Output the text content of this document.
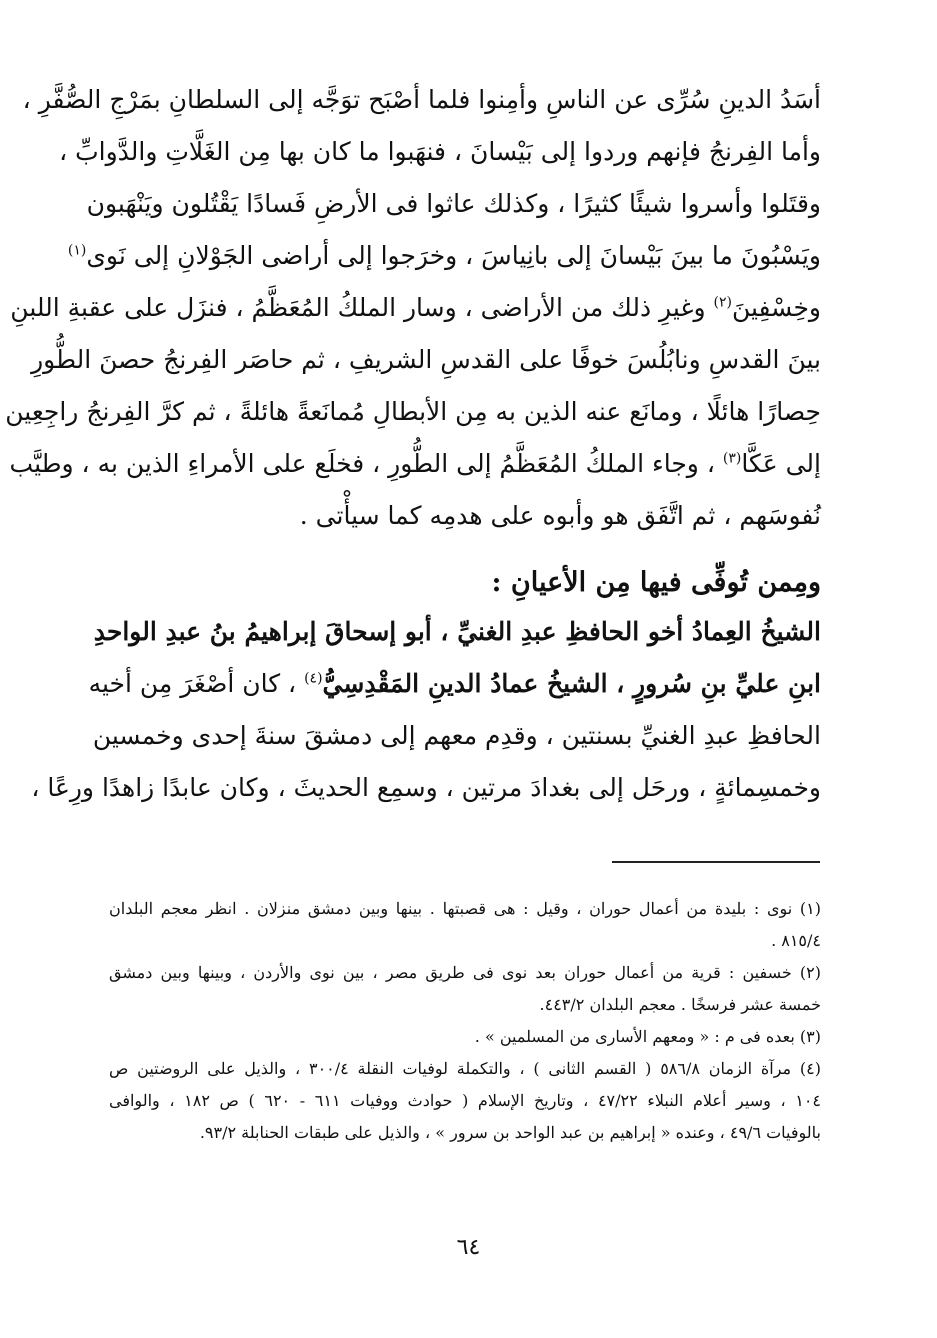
أسَدُ الدينِ سُرِّى عن الناسِ وأمِنوا فلما أصْبَح توَجَّه إلى السلطانِ بمَرْجِ الصُّفَّرِ ،
وأما الفِرنجُ فإنهم وردوا إلى بَيْسانَ ، فنهَبوا ما كان بها مِن الغَلَّاتِ والدَّوابِّ ،
وقتَلوا وأسروا شيئًا كثيرًا ، وكذلك عاثوا فى الأرضِ فَسادًا يَقْتُلون ويَنْهَبون
ويَسْبُونَ ما بينَ بَيْسانَ إلى بانِياسَ ، وخرَجوا إلى أراضى الجَوْلانِ إلى نَوى$^{(١)}$
وخِسْفِينَ$^{(٢)}$ وغيرِ ذلك من الأراضى ، وسار الملكُ المُعَظَّمُ ، فنزَل على عقبةِ اللبنِ
بينَ القدسِ ونابُلُسَ خوفًا على القدسِ الشريفِ ، ثم حاصَر الفِرنجُ حصنَ الطُّورِ
حِصارًا هائلًا ، ومانَع عنه الذين به مِن الأبطالِ مُمانَعةً هائلةً ، ثم كرَّ الفِرنجُ راجِعِين
إلى عَكَّا$^{(٣)}$ ، وجاء الملكُ المُعَظَّمُ إلى الطُّورِ ، فخلَع على الأمراءِ الذين به ، وطيَّب
نُفوسَهم ، ثم اتَّفَق هو وأبوه على هدمِه كما سيأْتى .
ومِمن تُوفِّى فيها مِن الأعيانِ :
الشيخُ العِمادُ أخو الحافظِ عبدِ الغنيِّ ، أبو إسحاقَ إبراهيمُ بنُ عبدِ الواحدِ
ابنِ عليِّ بنِ سُرورٍ ، الشيخُ عمادُ الدينِ المَقْدِسِيُّ$^{(٤)}$ ، كان أصْغَرَ مِن أخيه
الحافظِ عبدِ الغنيِّ بسنتين ، وقدِم معهم إلى دمشقَ سنةَ إحدى وخمسين
وخمسِمائةٍ ، ورحَل إلى بغدادَ مرتين ، وسمِع الحديثَ ، وكان عابدًا زاهدًا ورِعًا ،
(١) نوى : بليدة من أعمال حوران ، وقيل : هى قصبتها . بينها وبين دمشق منزلان . انظر معجم البلدان
٨١٥/٤ .
(٢) خسفين : قرية من أعمال حوران بعد نوى فى طريق مصر ، بين نوى والأردن ، وبينها وبين دمشق
خمسة عشر فرسخًا . معجم البلدان ٤٤٣/٢.
(٣) بعده فى م : « ومعهم الأسارى من المسلمين » .
(٤) مرآة الزمان ٥٨٦/٨ ( القسم الثانى ) ، والتكملة لوفيات النقلة ٣٠٠/٤ ، والذيل على الروضتين ص
١٠٤ ، وسير أعلام النبلاء ٤٧/٢٢ ، وتاريخ الإسلام ( حوادث ووفيات ٦١١ - ٦٢٠ ) ص ١٨٢ ، والوافى
بالوفيات ٤٩/٦ ، وعنده « إبراهيم بن عبد الواحد بن سرور » ، والذيل على طبقات الحنابلة ٩٣/٢.
٦٤
